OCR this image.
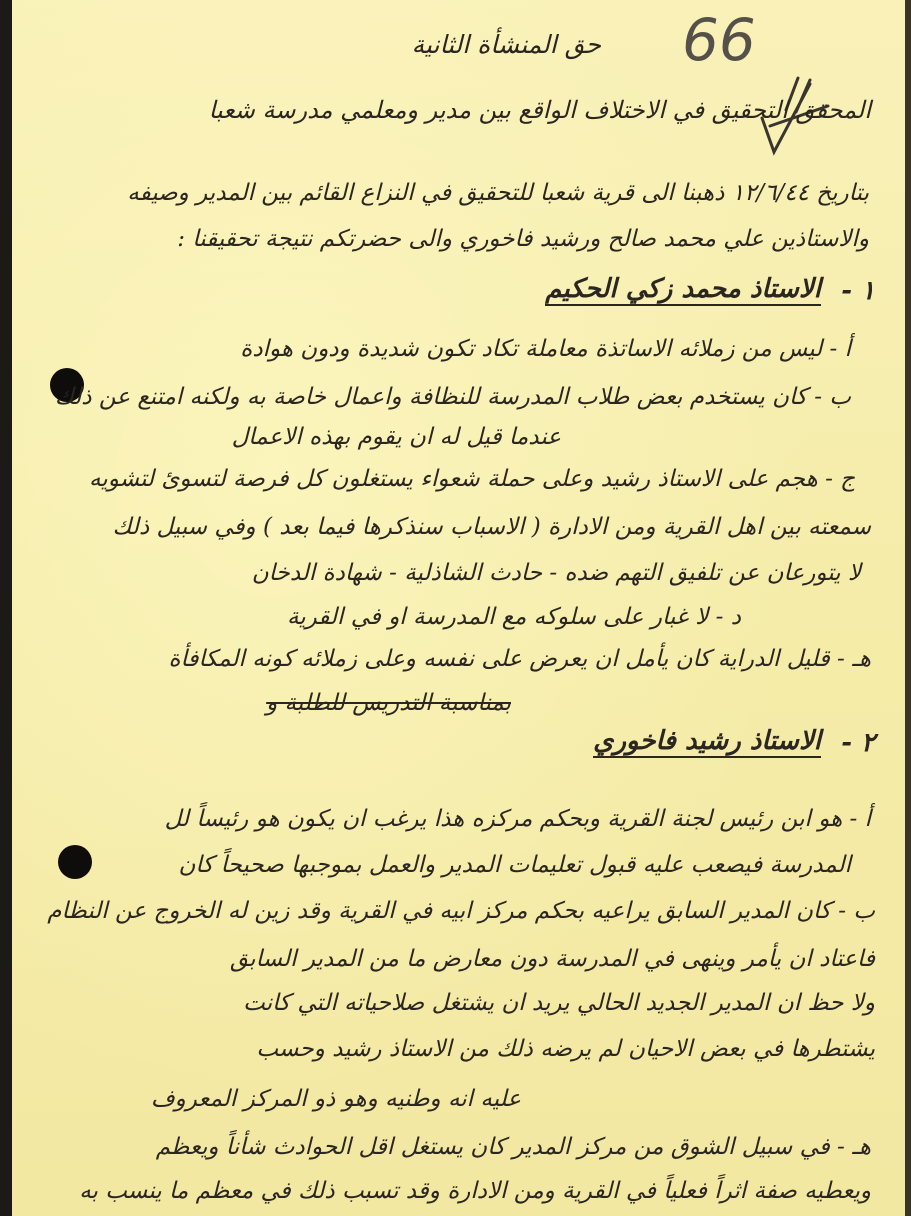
66
حق المنشأة الثانية
المحقق التحقيق في الاختلاف الواقع بين مدير ومعلمي مدرسة شعبا
بتاريخ ١٢/٦/٤٤ ذهبنا الى قرية شعبا للتحقيق في النزاع القائم بين المدير وصيفه
والاستاذين علي محمد صالح ورشيد فاخوري والى حضرتكم نتيجة تحقيقنا :
١ -
الاستاذ محمد زكي الحكيم
أ - ليس من زملائه الاساتذة معاملة تكاد تكون شديدة ودون هوادة
ب - كان يستخدم بعض طلاب المدرسة للنظافة واعمال خاصة به ولكنه امتنع عن ذلك
عندما قيل له ان يقوم بهذه الاعمال
ج - هجم على الاستاذ رشيد وعلى حملة شعواء يستغلون كل فرصة لتسوئ لتشويه
سمعته بين اهل القرية ومن الادارة ( الاسباب سنذكرها فيما بعد ) وفي سبيل ذلك
لا يتورعان عن تلفيق التهم ضده - حادث الشاذلية - شهادة الدخان
د - لا غبار على سلوكه مع المدرسة او في القرية
هـ - قليل الدراية كان يأمل ان يعرض على نفسه وعلى زملائه كونه المكافأة
بمناسبة التدريس للطلبة و
٢ -
الاستاذ رشيد فاخوري
أ - هو ابن رئيس لجنة القرية وبحكم مركزه هذا يرغب ان يكون هو رئيساً لل
المدرسة فيصعب عليه قبول تعليمات المدير والعمل بموجبها صحيحاً كان
ب - كان المدير السابق يراعيه بحكم مركز ابيه في القرية وقد زين له الخروج عن النظام
فاعتاد ان يأمر وينهى في المدرسة دون معارض ما من المدير السابق
ولا حظ ان المدير الجديد الحالي يريد ان يشتغل صلاحياته التي كانت
يشتطرها في بعض الاحيان لم يرضه ذلك من الاستاذ رشيد وحسب
عليه انه وطنيه وهو ذو المركز المعروف
هـ - في سبيل الشوق من مركز المدير كان يستغل اقل الحوادث شأناً ويعظم
ويعطيه صفة اثراً فعلياً في القرية ومن الادارة وقد تسبب ذلك في معظم ما ينسب به
